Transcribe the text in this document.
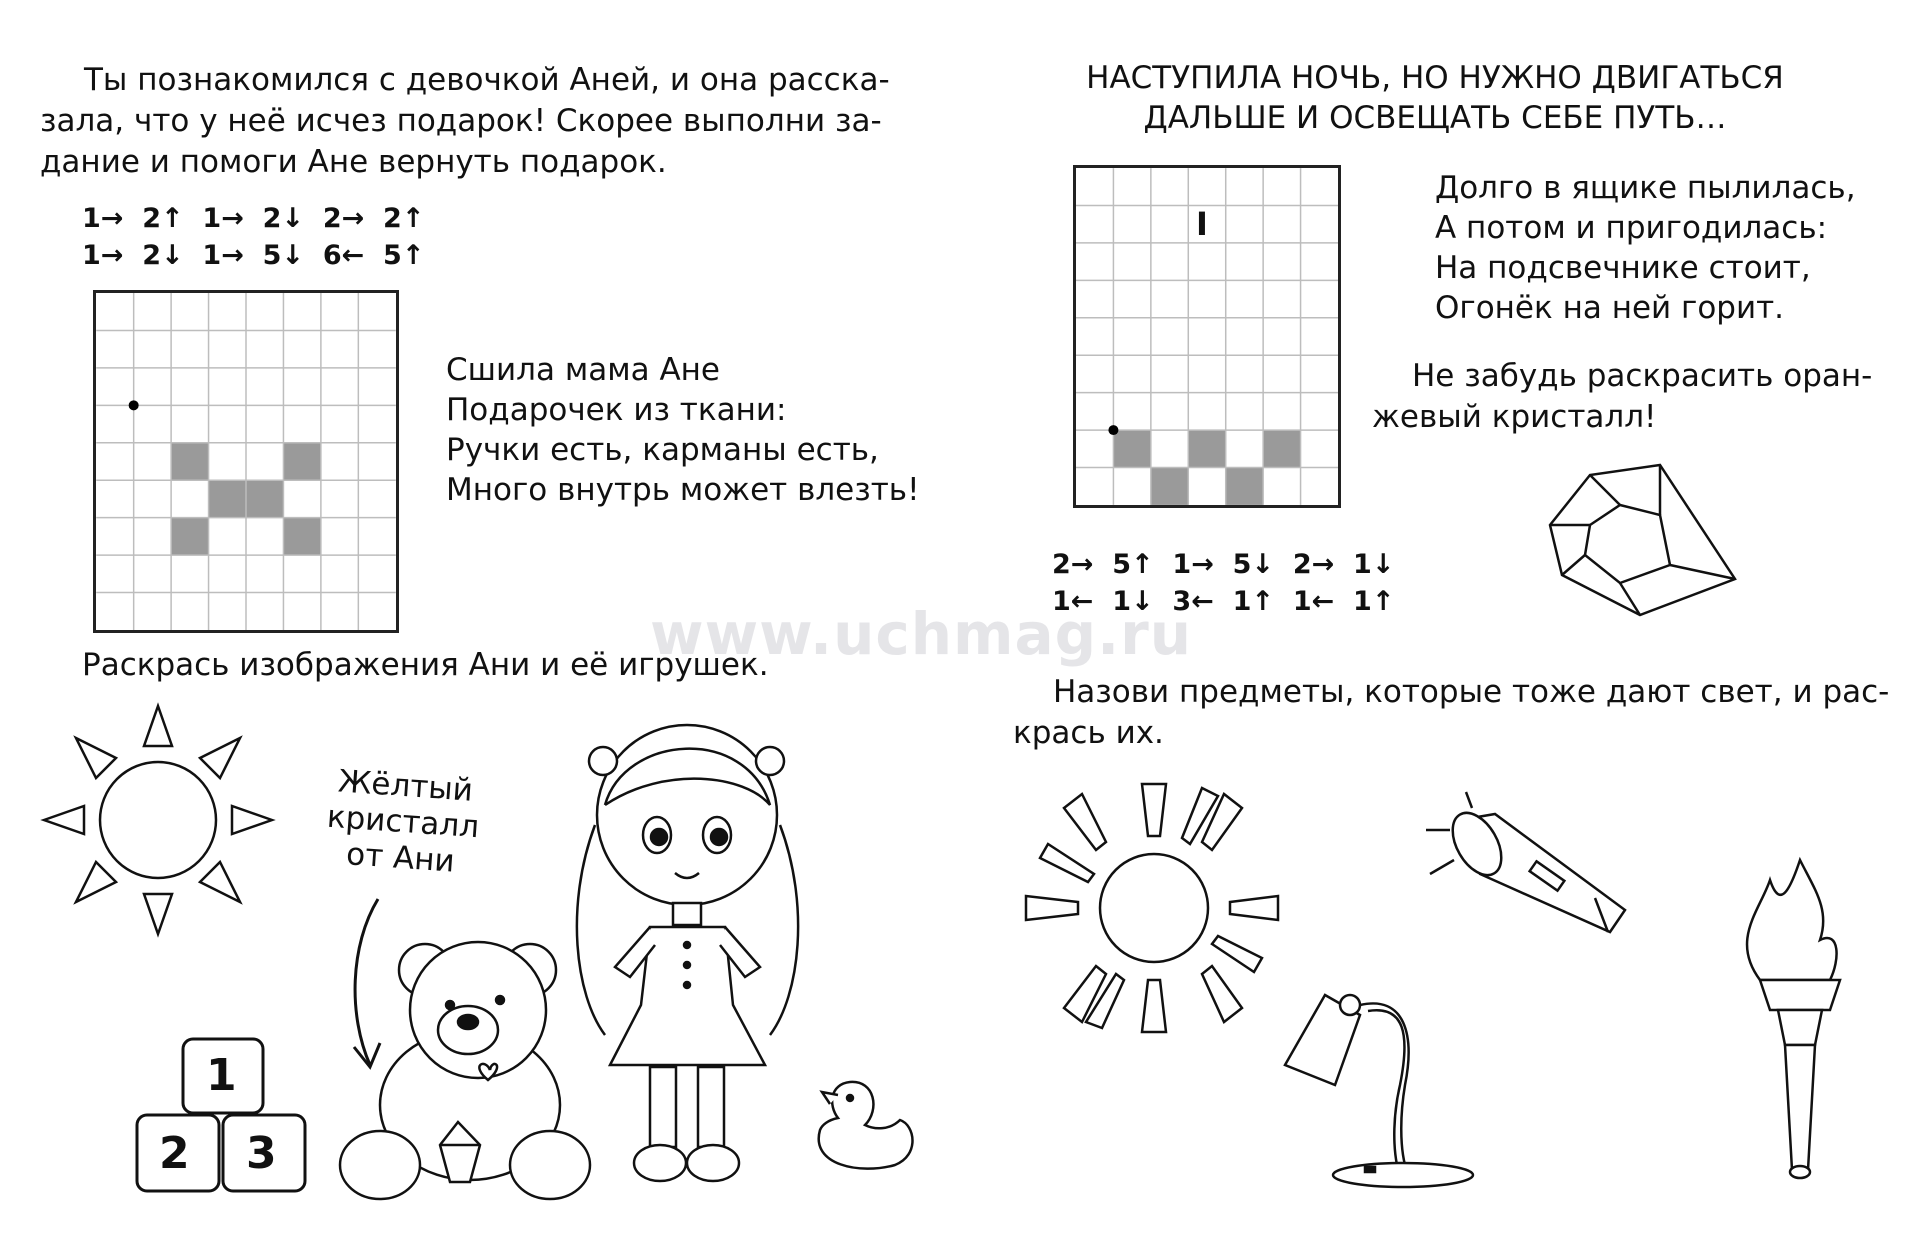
Ты познакомился с девочкой Аней, и она расска-
зала, что у неё исчез подарок! Скорее выполни за-
дание и помоги Ане вернуть подарок.
1→  2↑  1→  2↓  2→  2↑
1→  2↓  1→  5↓  6←  5↑
Сшила мама Ане
Подарочек из ткани:
Ручки есть, карманы есть,
Много внутрь может влезть!
Раскрась изображения Ани и её игрушек.
Жёлтый
кристалл
от Ани
1
2 3
www.uchmag.ru
НАСТУПИЛА НОЧЬ, НО НУЖНО ДВИГАТЬСЯ
ДАЛЬШЕ И ОСВЕЩАТЬ СЕБЕ ПУТЬ…
I
Долго в ящике пылилась,
А потом и пригодилась:
На подсвечнике стоит,
Огонёк на ней горит.
Не забудь раскрасить оран-
жевый кристалл!
2→  5↑  1→  5↓  2→  1↓
1←  1↓  3←  1↑  1←  1↑
Назови предметы, которые тоже дают свет, и рас-
крась их.
